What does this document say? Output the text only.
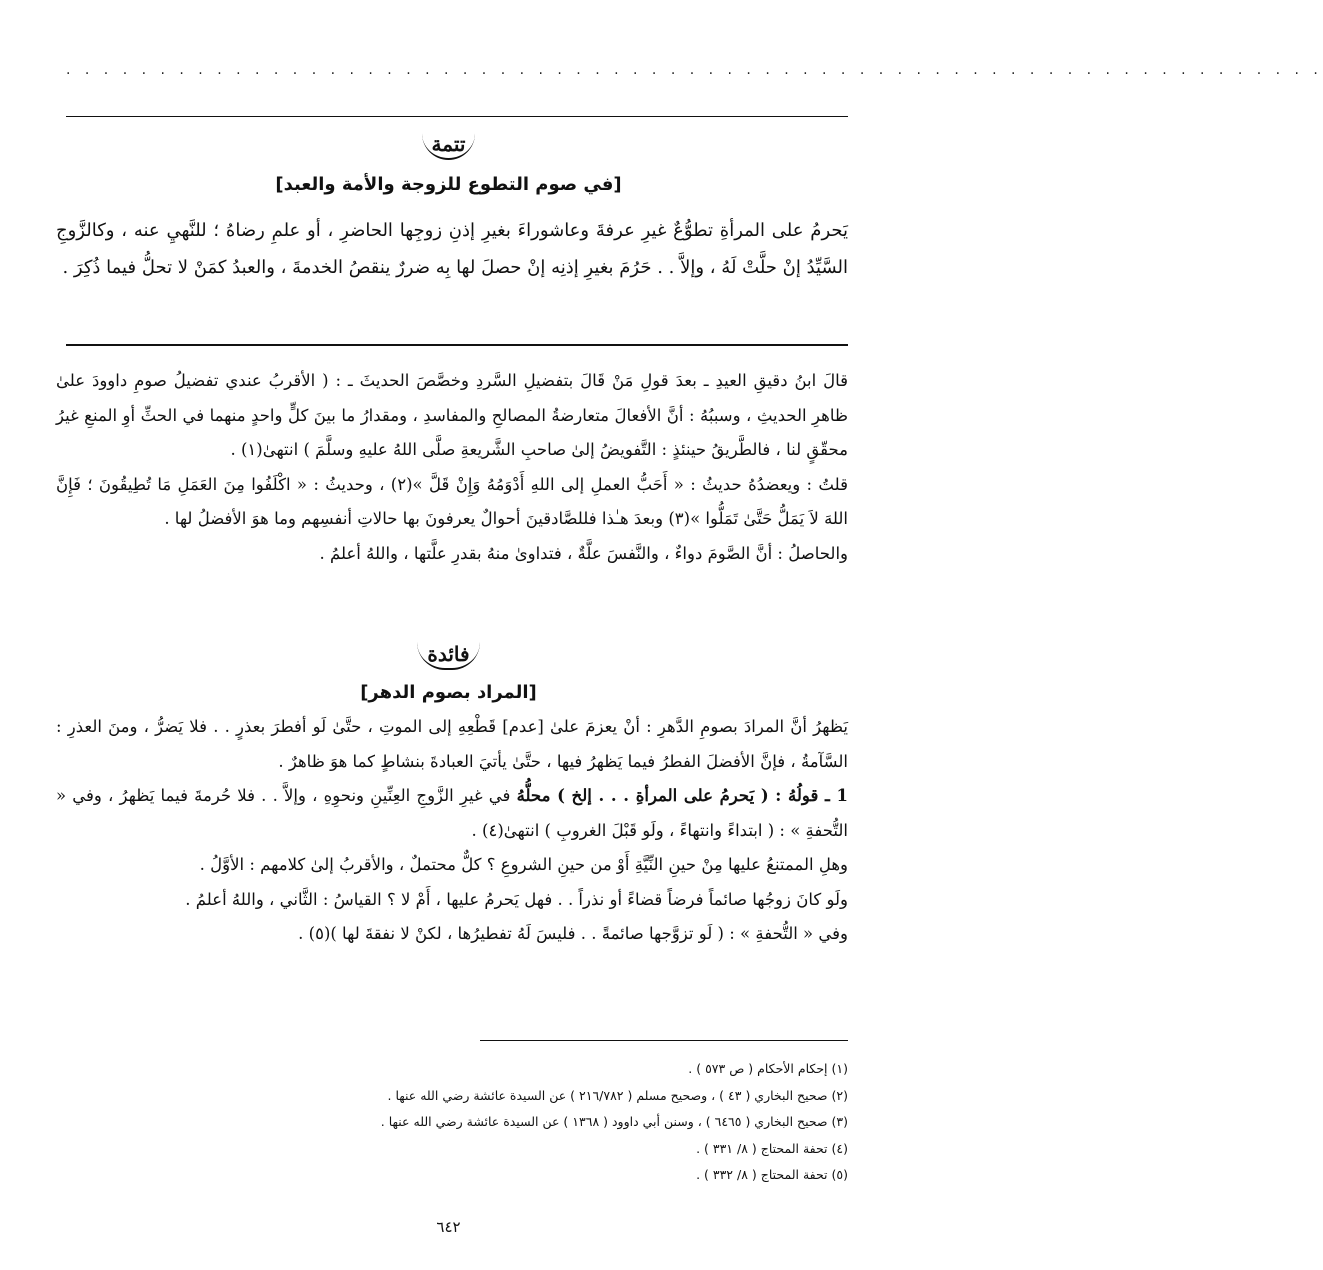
. . . . . . . . . . . . . . . . . . . . . . . . . . . . . . . . . . . . . . . . . . . . . . . . . . . . . . . . . . . . . . . . . . .
تتمة
[في صوم التطوع للزوجة والأمة والعبد]

يَحرمُ على المرأةِ تطوُّعٌ غيرِ عرفةَ وعاشوراءَ بغيرِ إذنِ زوجِها الحاضرِ ، أو علمِ رضاهُ ؛ للنَّهيِ عنه ، وكالزَّوجِ السَّيِّدُ إنْ حلَّتْ لَهُ ، وإلاَّ . . حَرُمَ بغيرِ إذنِه إنْ حصلَ لها بِه ضررٌ ينقصُ الخدمةَ ، والعبدُ كمَنْ لا تحلُّ فيما ذُكِرَ .

قالَ ابنُ دقيقِ العيدِ ـ بعدَ قولِ مَنْ قَالَ بتفضيلِ السَّردِ وخصَّصَ الحديثَ ـ : ( الأقربُ عندي تفضيلُ صومِ داوودَ علىٰ ظاهرِ الحديثِ ، وسببُهُ : أنَّ الأفعالَ متعارضةُ المصالحِ والمفاسدِ ، ومقدارُ ما بينَ كلٍّ واحدٍ منهما في الحثِّ أوِ المنعِ غيرُ محقّقٍ لنا ، فالطَّريقُ حينئذٍ : التَّفويضُ إلىٰ صاحبِ الشَّريعةِ صلَّى اللهُ عليهِ وسلَّمَ ) انتهىٰ(١) .

قلتُ : ويعضدُهُ حديثُ : « أَحَبُّ العملِ إلى اللهِ أَدْوَمُهُ وَإِنْ قَلَّ »(٢) ، وحديثُ : « اكْلَفُوا مِنَ العَمَلِ مَا تُطِيقُونَ ؛ فَإِنَّ اللهَ لاَ يَمَلُّ حَتَّىٰ تَمَلُّوا »(٣) وبعدَ هـٰذا فللصَّادقينَ أحوالٌ يعرفونَ بها حالاتِ أنفسِهم وما هوَ الأفضلُ لها .

والحاصلُ : أنَّ الصَّومَ دواءٌ ، والنَّفسَ علَّةٌ ، فتداوىٰ منهُ بقدرِ علَّتها ، واللهُ أعلمُ .

فائدة
[المراد بصوم الدهر]

يَظهرُ أنَّ المرادَ بصومِ الدَّهرِ : أنْ يعزمَ علىٰ [عدم] قَطْعِهِ إلى الموتِ ، حتَّىٰ لَو أفطرَ بعذرٍ . . فلا يَضرُّ ، ومنَ العذرِ : السَّآمةُ ، فإنَّ الأفضلَ الفطرُ فيما يَظهرُ فيها ، حتَّىٰ يأتيَ العبادةَ بنشاطٍ كما هوَ ظاهرٌ .

1 ـ قولُهُ : ( يَحرمُ على المرأةِ . . . إلخ ) محلُّهُ في غيرِ الزَّوجِ العِنِّينِ ونحوِهِ ، وإلاَّ . . فلا حُرمةَ فيما يَظهرُ ، وفي « التُّحفةِ » : ( ابتداءً وانتهاءً ، ولَو قَبْلَ الغروبِ ) انتهىٰ(٤) .

وهلِ الممتنعُ عليها مِنْ حينِ النِّيَّةِ أَوْ من حينِ الشروعِ ؟ كلٌّ محتملٌ ، والأقربُ إلىٰ كلامهم : الأوَّلُ .

ولَو كانَ زوجُها صائماً فرضاً قضاءً أو نذراً . . فهل يَحرمُ عليها ، أَمْ لا ؟ القياسُ : الثَّاني ، واللهُ أعلمُ .

وفي « التُّحفةِ » : ( لَو تزوَّجها صائمةً . . فليسَ لَهُ تفطيرُها ، لكنْ لا نفقةَ لها )(٥) .

(١) إحكام الأحكام ( ص ٥٧٣ ) .

(٢) صحيح البخاري ( ٤٣ ) ، وصحيح مسلم ( ٢١٦/٧٨٢ ) عن السيدة عائشة رضي الله عنها .

(٣) صحيح البخاري ( ٦٤٦٥ ) ، وسنن أبي داوود ( ١٣٦٨ ) عن السيدة عائشة رضي الله عنها .

(٤) تحفة المحتاج ( ٨/ ٣٣١ ) .

(٥) تحفة المحتاج ( ٨/ ٣٣٢ ) .

٦٤٢
